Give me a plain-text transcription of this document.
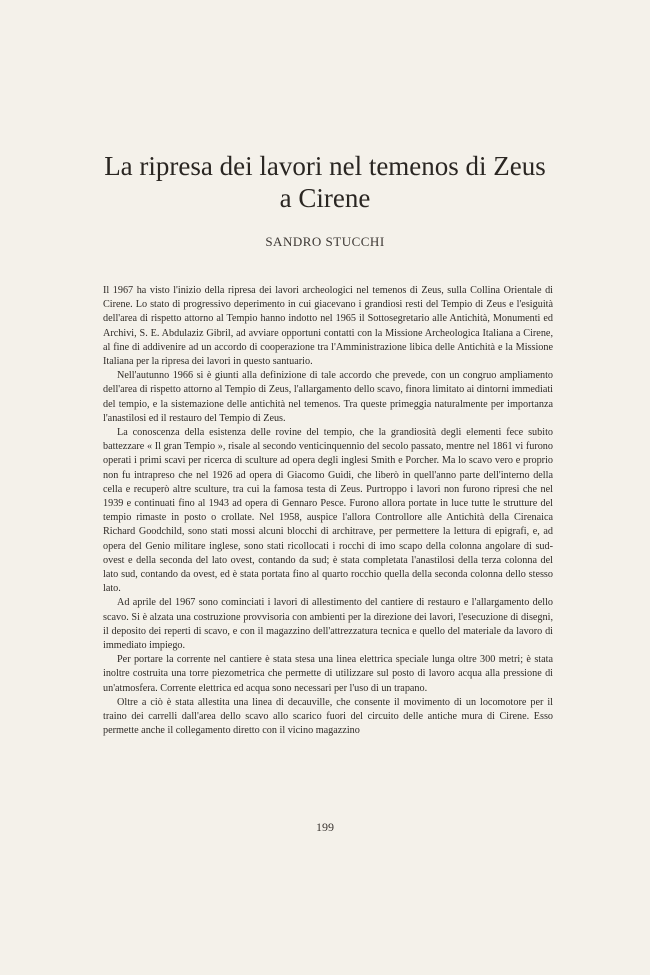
La ripresa dei lavori nel temenos di Zeus
a Cirene
SANDRO STUCCHI

Il 1967 ha visto l'inizio della ripresa dei lavori archeologici nel temenos di Zeus, sulla Collina Orientale di Cirene. Lo stato di progressivo deperimento in cui giacevano i grandiosi resti del Tempio di Zeus e l'esiguità dell'area di rispetto attorno al Tempio hanno indotto nel 1965 il Sottosegretario alle Antichità, Monumenti ed Archivi, S. E. Abdulaziz Gibril, ad avviare opportuni contatti con la Missione Archeologica Italiana a Cirene, al fine di addivenire ad un accordo di cooperazione tra l'Amministrazione libica delle Antichità e la Missione Italiana per la ripresa dei lavori in questo santuario.

Nell'autunno 1966 si è giunti alla definizione di tale accordo che prevede, con un congruo ampliamento dell'area di rispetto attorno al Tempio di Zeus, l'allargamento dello scavo, finora limitato ai dintorni immediati del tempio, e la sistemazione delle antichità nel temenos. Tra queste primeggia naturalmente per importanza l'anastilosi ed il restauro del Tempio di Zeus.

La conoscenza della esistenza delle rovine del tempio, che la grandiosità degli elementi fece subito battezzare « Il gran Tempio », risale al secondo venticinquennio del secolo passato, mentre nel 1861 vi furono operati i primi scavi per ricerca di sculture ad opera degli inglesi Smith e Porcher. Ma lo scavo vero e proprio non fu intrapreso che nel 1926 ad opera di Giacomo Guidi, che liberò in quell'anno parte dell'interno della cella e recuperò altre sculture, tra cui la famosa testa di Zeus. Purtroppo i lavori non furono ripresi che nel 1939 e continuati fino al 1943 ad opera di Gennaro Pesce. Furono allora portate in luce tutte le strutture del tempio rimaste in posto o crollate. Nel 1958, auspice l'allora Controllore alle Antichità della Cirenaica Richard Goodchild, sono stati mossi alcuni blocchi di architrave, per permettere la lettura di epigrafi, e, ad opera del Genio militare inglese, sono stati ricollocati i rocchi di imo scapo della colonna angolare di sud-ovest e della seconda del lato ovest, contando da sud; è stata completata l'anastilosi della terza colonna del lato sud, contando da ovest, ed è stata portata fino al quarto rocchio quella della seconda colonna dello stesso lato.

Ad aprile del 1967 sono cominciati i lavori di allestimento del cantiere di restauro e l'allargamento dello scavo. Si è alzata una costruzione provvisoria con ambienti per la direzione dei lavori, l'esecuzione di disegni, il deposito dei reperti di scavo, e con il magazzino dell'attrezzatura tecnica e quello del materiale da lavoro di immediato impiego.

Per portare la corrente nel cantiere è stata stesa una linea elettrica speciale lunga oltre 300 metri; è stata inoltre costruita una torre piezometrica che permette di utilizzare sul posto di lavoro acqua alla pressione di un'atmosfera. Corrente elettrica ed acqua sono necessari per l'uso di un trapano.

Oltre a ciò è stata allestita una linea di decauville, che consente il movimento di un locomotore per il traino dei carrelli dall'area dello scavo allo scarico fuori del circuito delle antiche mura di Cirene. Esso permette anche il collegamento diretto con il vicino magazzino

199
